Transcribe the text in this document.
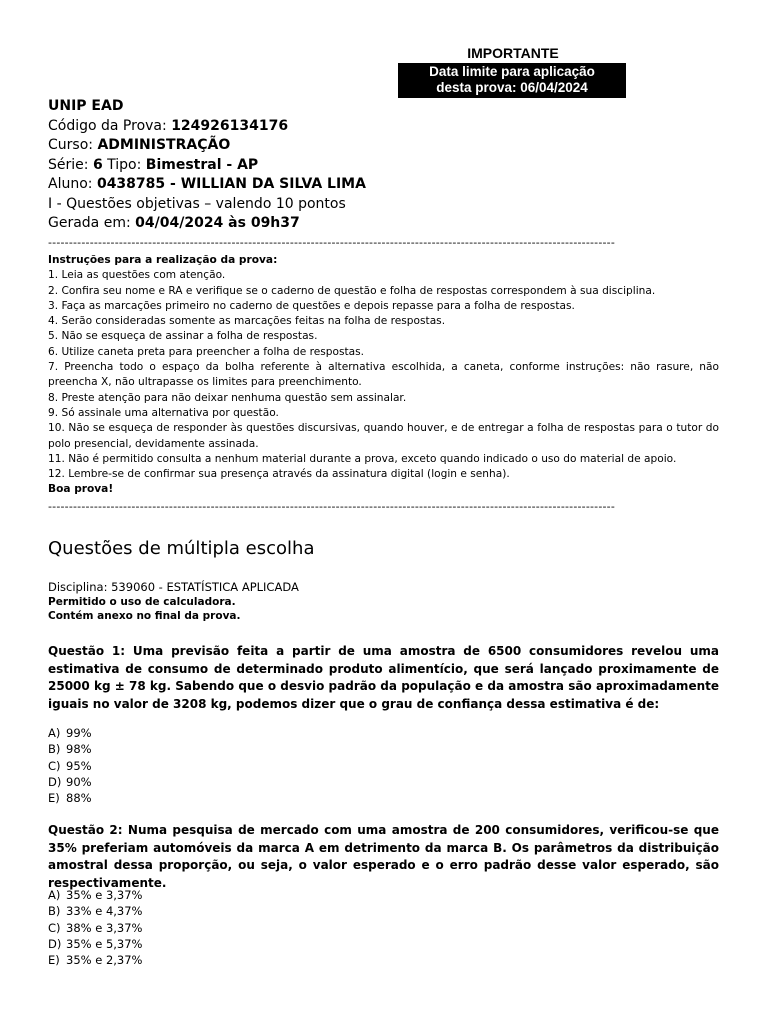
IMPORTANTE
Data limite para aplicação
desta prova: 06/04/2024
UNIP EAD
Código da Prova: 124926134176
Curso: ADMINISTRAÇÃO
Série: 6 Tipo: Bimestral - AP
Aluno: 0438785 - WILLIAN DA SILVA LIMA
I - Questões objetivas – valendo 10 pontos
Gerada em: 04/04/2024 às 09h37
----------------------------------------------------------------------------------------------------------------------------------------
Instruções para a realização da prova:
1. Leia as questões com atenção.
2. Confira seu nome e RA e verifique se o caderno de questão e folha de respostas correspondem à sua disciplina.
3. Faça as marcações primeiro no caderno de questões e depois repasse para a folha de respostas.
4. Serão consideradas somente as marcações feitas na folha de respostas.
5. Não se esqueça de assinar a folha de respostas.
6. Utilize caneta preta para preencher a folha de respostas.
7. Preencha todo o espaço da bolha referente à alternativa escolhida, a caneta, conforme instruções: não rasure, não preencha X, não ultrapasse os limites para preenchimento.
8. Preste atenção para não deixar nenhuma questão sem assinalar.
9. Só assinale uma alternativa por questão.
10. Não se esqueça de responder às questões discursivas, quando houver, e de entregar a folha de respostas para o tutor do polo presencial, devidamente assinada.
11. Não é permitido consulta a nenhum material durante a prova, exceto quando indicado o uso do material de apoio.
12. Lembre-se de confirmar sua presença através da assinatura digital (login e senha).
Boa prova!
----------------------------------------------------------------------------------------------------------------------------------------
Questões de múltipla escolha
Disciplina: 539060 - ESTATÍSTICA APLICADA
Permitido o uso de calculadora.
Contém anexo no final da prova.
Questão 1: Uma previsão feita a partir de uma amostra de 6500 consumidores revelou uma estimativa de consumo de determinado produto alimentício, que será lançado proximamente de 25000 kg ± 78 kg. Sabendo que o desvio padrão da população e da amostra são aproximadamente iguais no valor de 3208 kg, podemos dizer que o grau de confiança dessa estimativa é de:
A) 99%
B) 98%
C) 95%
D) 90%
E) 88%
Questão 2: Numa pesquisa de mercado com uma amostra de 200 consumidores, verificou-se que 35% preferiam automóveis da marca A em detrimento da marca B. Os parâmetros da distribuição amostral dessa proporção, ou seja, o valor esperado e o erro padrão desse valor esperado, são respectivamente.
A) 35% e 3,37%
B) 33% e 4,37%
C) 38% e 3,37%
D) 35% e 5,37%
E) 35% e 2,37%
